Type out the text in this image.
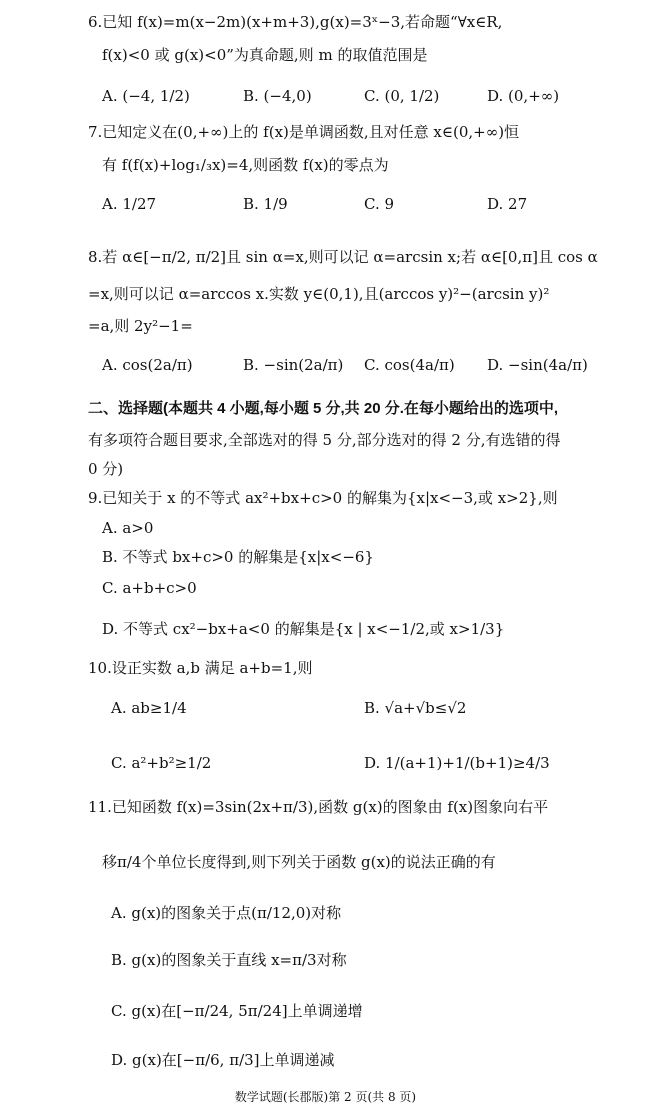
6.已知 f(x)=m(x−2m)(x+m+3),g(x)=3ˣ−3,若命题“∀x∈R,
f(x)<0 或 g(x)<0”为真命题,则 m 的取值范围是
A. (−4, 1/2)	B. (−4,0)	C. (0, 1/2)	D. (0,+∞)
7.已知定义在(0,+∞)上的 f(x)是单调函数,且对任意 x∈(0,+∞)恒
有 f(f(x)+log₁/₃x)=4,则函数 f(x)的零点为
A. 1/27	B. 1/9	C. 9	D. 27
8.若 α∈[−π/2, π/2]且 sin α=x,则可以记 α=arcsin x;若 α∈[0,π]且 cos α
=x,则可以记 α=arccos x.实数 y∈(0,1),且(arccos y)²−(arcsin y)²
=a,则 2y²−1=
A. cos(2a/π)	B. −sin(2a/π) C. cos(4a/π) D. −sin(4a/π)
二、选择题(本题共 4 小题,每小题 5 分,共 20 分.在每小题给出的选项中,
有多项符合题目要求,全部选对的得 5 分,部分选对的得 2 分,有选错的得
0 分)
9.已知关于 x 的不等式 ax²+bx+c>0 的解集为{x|x<−3,或 x>2},则
A. a>0
B. 不等式 bx+c>0 的解集是{x|x<−6}
C. a+b+c>0
D. 不等式 cx²−bx+a<0 的解集是{x | x<−1/2,或 x>1/3}
10.设正实数 a,b 满足 a+b=1,则
A. ab≥1/4	B. √a+√b≤√2
C. a²+b²≥1/2	D. 1/(a+1)+1/(b+1)≥4/3
11.已知函数 f(x)=3sin(2x+π/3),函数 g(x)的图象由 f(x)图象向右平
移π/4个单位长度得到,则下列关于函数 g(x)的说法正确的有
A. g(x)的图象关于点(π/12,0)对称
B. g(x)的图象关于直线 x=π/3对称
C. g(x)在[−π/24, 5π/24]上单调递增
D. g(x)在[−π/6, π/3]上单调递减
数学试题(长郡版)第 2 页(共 8 页)
